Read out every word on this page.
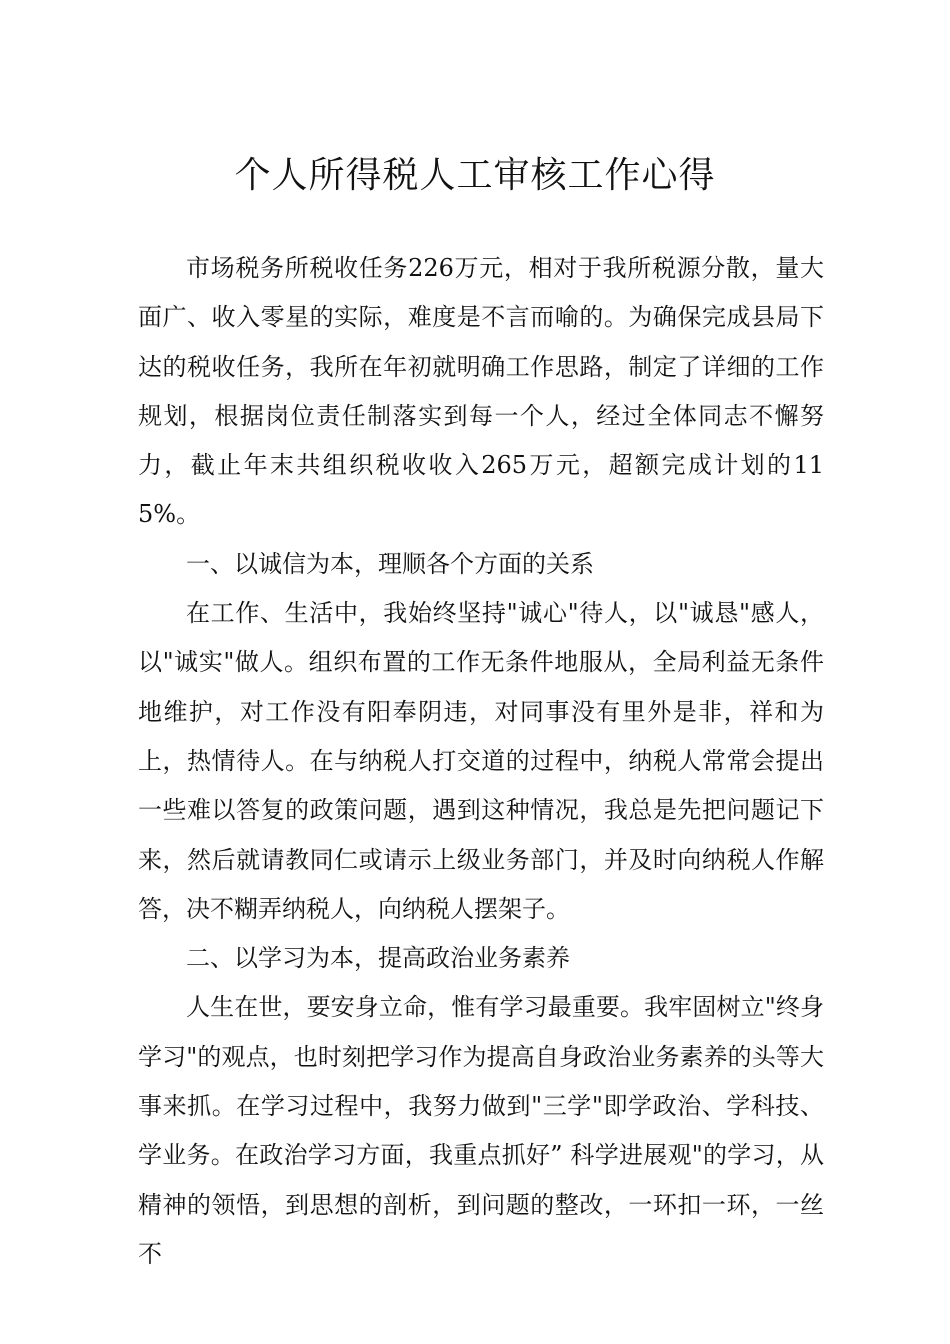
个人所得税人工审核工作心得

市场税务所税收任务226万元，相对于我所税源分散，量大面广、收入零星的实际，难度是不言而喻的。为确保完成县局下达的税收任务，我所在年初就明确工作思路，制定了详细的工作规划，根据岗位责任制落实到每一个人，经过全体同志不懈努力，截止年末共组织税收收入265万元，超额完成计划的115%。

一、以诚信为本，理顺各个方面的关系

在工作、生活中，我始终坚持"诚心"待人，以"诚恳"感人，以"诚实"做人。组织布置的工作无条件地服从，全局利益无条件地维护，对工作没有阳奉阴违，对同事没有里外是非，祥和为上，热情待人。在与纳税人打交道的过程中，纳税人常常会提出一些难以答复的政策问题，遇到这种情况，我总是先把问题记下来，然后就请教同仁或请示上级业务部门，并及时向纳税人作解答，决不糊弄纳税人，向纳税人摆架子。

二、以学习为本，提高政治业务素养

人生在世，要安身立命，惟有学习最重要。我牢固树立"终身学习"的观点，也时刻把学习作为提高自身政治业务素养的头等大事来抓。在学习过程中，我努力做到"三学"即学政治、学科技、学业务。在政治学习方面，我重点抓好” 科学进展观"的学习，从精神的领悟，到思想的剖析，到问题的整改，一环扣一环，一丝不
